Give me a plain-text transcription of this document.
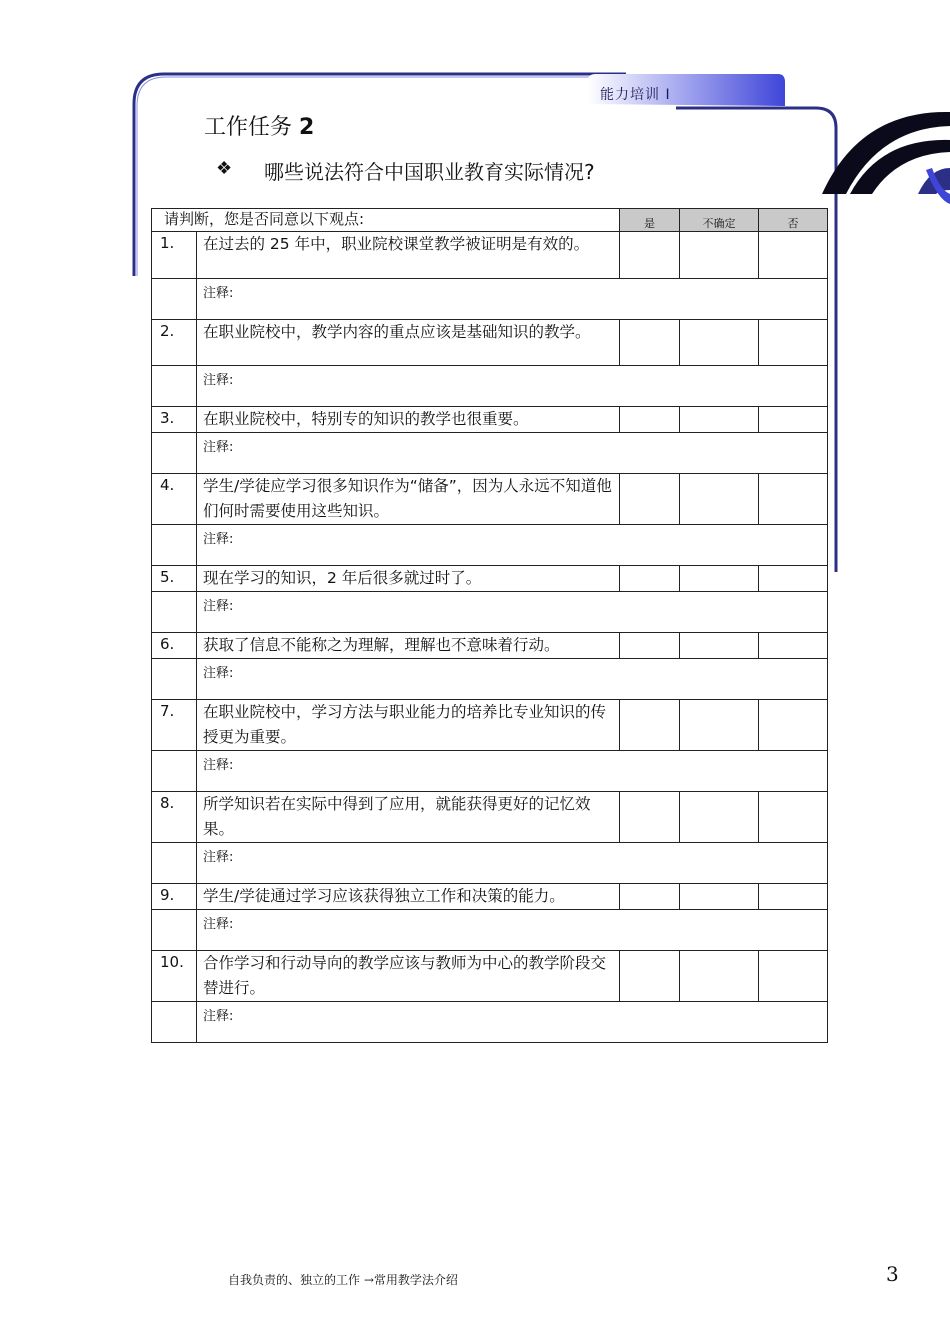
能力培训 I
工作任务 2
❖ 哪些说法符合中国职业教育实际情况?
请判断，您是否同意以下观点:		是	不确定	否
1.	在过去的 25 年中，职业院校课堂教学被证明是有效的。			
	注释:			
2.	在职业院校中，教学内容的重点应该是基础知识的教学。			
	注释:			
3.	在职业院校中，特别专的知识的教学也很重要。			
	注释:			
4.	学生/学徒应学习很多知识作为“储备”，因为人永远不知道他们何时需要使用这些知识。			
	注释:			
5.	现在学习的知识，2 年后很多就过时了。			
	注释:			
6.	获取了信息不能称之为理解，理解也不意味着行动。			
	注释:			
7.	在职业院校中，学习方法与职业能力的培养比专业知识的传授更为重要。			
	注释:			
8.	所学知识若在实际中得到了应用，就能获得更好的记忆效果。			
	注释:			
9.	学生/学徒通过学习应该获得独立工作和决策的能力。			
	注释:			
10.	合作学习和行动导向的教学应该与教师为中心的教学阶段交替进行。			
	注释:			
自我负责的、独立的工作 →常用教学法介绍	3
